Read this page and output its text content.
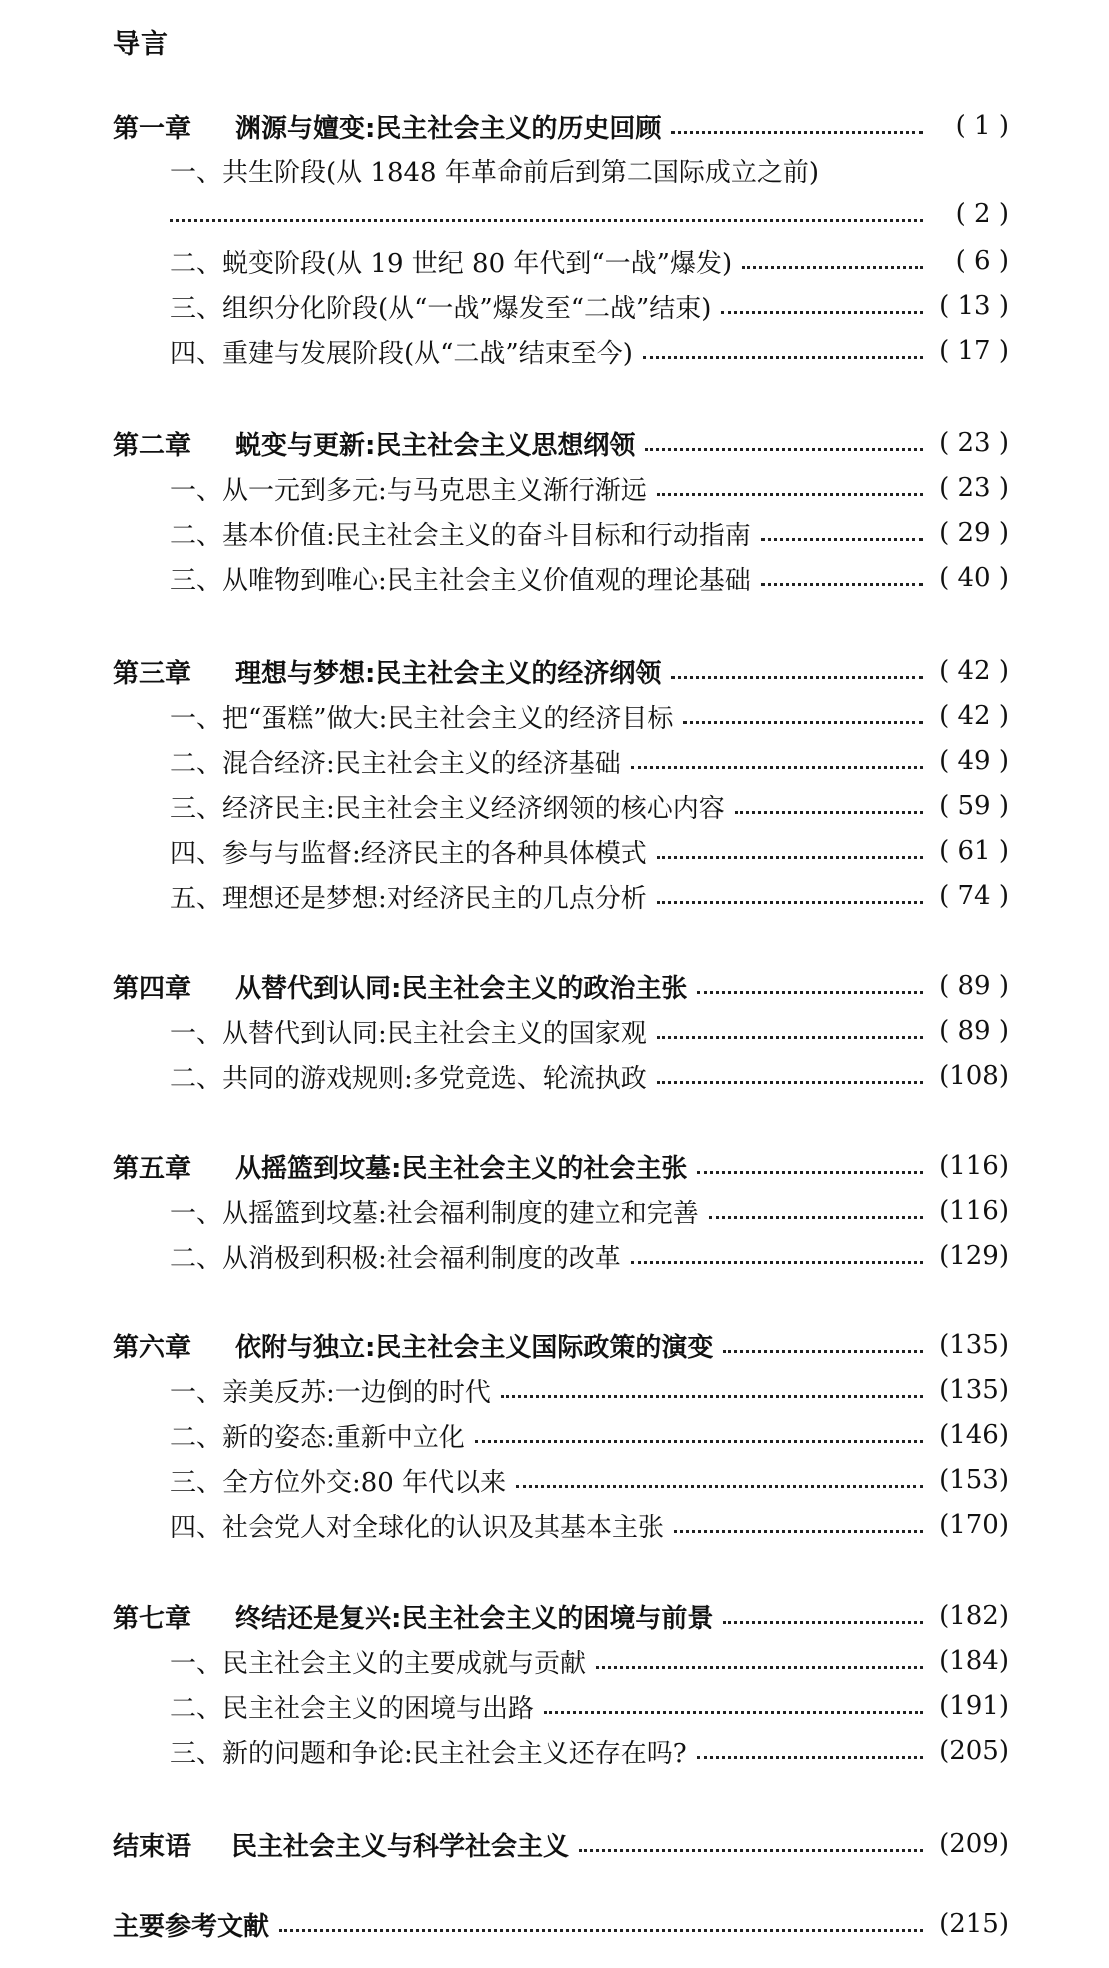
导言
第一章	渊源与嬗变:民主社会主义的历史回顾	( 1 )
一、共生阶段(从 1848 年革命前后到第二国际成立之前)
( 2 )
二、蜕变阶段(从 19 世纪 80 年代到“一战”爆发)	( 6 )
三、组织分化阶段(从“一战”爆发至“二战”结束)	( 13 )
四、重建与发展阶段(从“二战”结束至今)	( 17 )
第二章	蜕变与更新:民主社会主义思想纲领	( 23 )
一、从一元到多元:与马克思主义渐行渐远	( 23 )
二、基本价值:民主社会主义的奋斗目标和行动指南	( 29 )
三、从唯物到唯心:民主社会主义价值观的理论基础	( 40 )
第三章	理想与梦想:民主社会主义的经济纲领	( 42 )
一、把“蛋糕”做大:民主社会主义的经济目标	( 42 )
二、混合经济:民主社会主义的经济基础	( 49 )
三、经济民主:民主社会主义经济纲领的核心内容	( 59 )
四、参与与监督:经济民主的各种具体模式	( 61 )
五、理想还是梦想:对经济民主的几点分析	( 74 )
第四章	从替代到认同:民主社会主义的政治主张	( 89 )
一、从替代到认同:民主社会主义的国家观	( 89 )
二、共同的游戏规则:多党竞选、轮流执政	(108)
第五章	从摇篮到坟墓:民主社会主义的社会主张	(116)
一、从摇篮到坟墓:社会福利制度的建立和完善	(116)
二、从消极到积极:社会福利制度的改革	(129)
第六章	依附与独立:民主社会主义国际政策的演变	(135)
一、亲美反苏:一边倒的时代	(135)
二、新的姿态:重新中立化	(146)
三、全方位外交:80 年代以来	(153)
四、社会党人对全球化的认识及其基本主张	(170)
第七章	终结还是复兴:民主社会主义的困境与前景	(182)
一、民主社会主义的主要成就与贡献	(184)
二、民主社会主义的困境与出路	(191)
三、新的问题和争论:民主社会主义还存在吗?	(205)
结束语	民主社会主义与科学社会主义	(209)
主要参考文献	(215)
